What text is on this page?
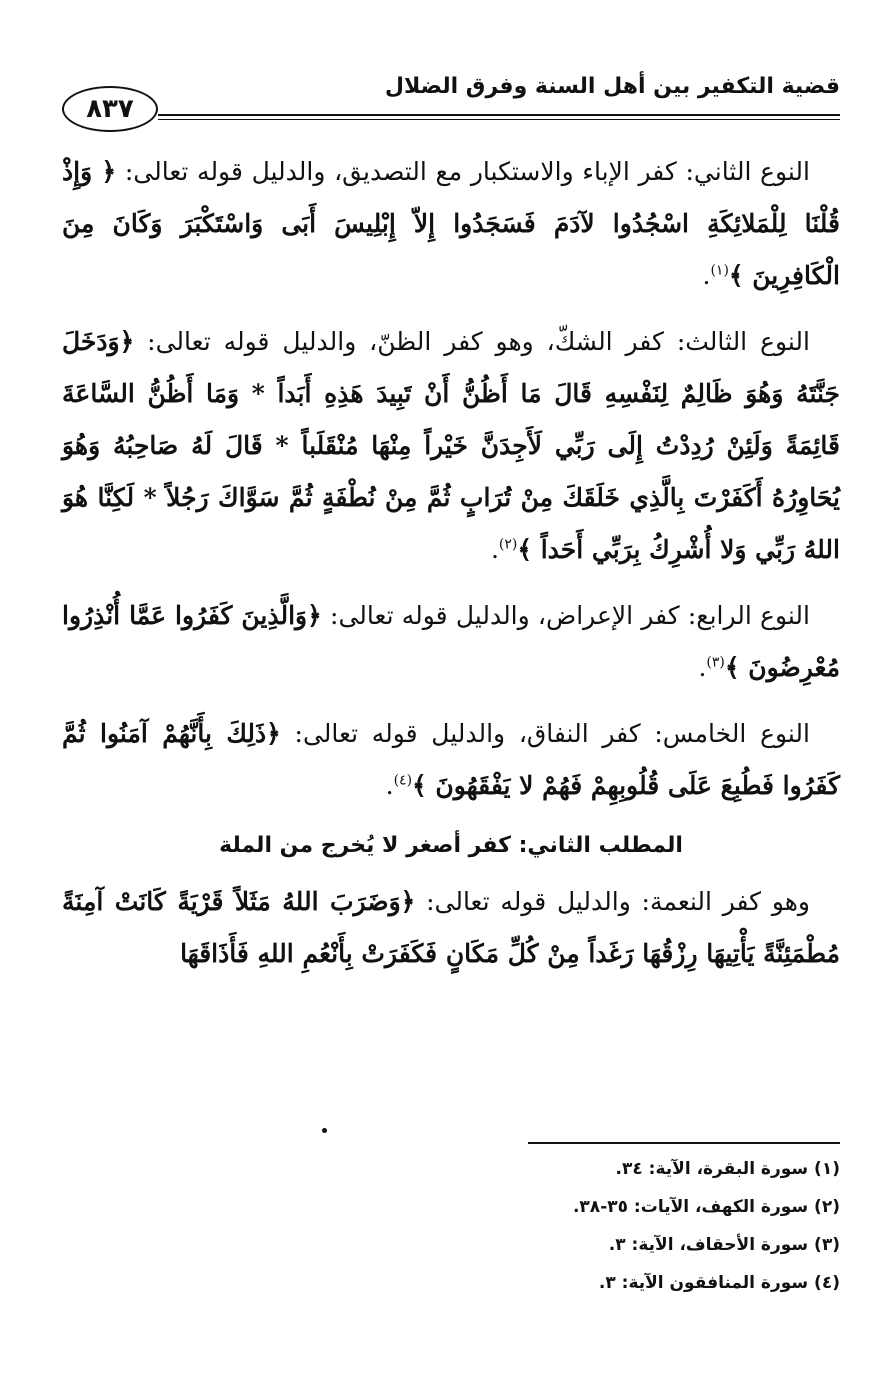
قضية التكفير بين أهل السنة وفرق الضلال
٨٣٧

النوع الثاني: كفر الإباء والاستكبار مع التصديق، والدليل قوله تعالى: ﴿ وَإِذْ قُلْنَا لِلْمَلائِكَةِ اسْجُدُوا لآدَمَ فَسَجَدُوا إِلاّ إِبْلِيسَ أَبَى وَاسْتَكْبَرَ وَكَانَ مِنَ الْكَافِرِينَ ﴾$^{(١)}$.

النوع الثالث: كفر الشكّ، وهو كفر الظنّ، والدليل قوله تعالى: ﴿وَدَخَلَ جَنَّتَهُ وَهُوَ ظَالِمٌ لِنَفْسِهِ قَالَ مَا أَظُنُّ أَنْ تَبِيدَ هَذِهِ أَبَداً * وَمَا أَظُنُّ السَّاعَةَ قَائِمَةً وَلَئِنْ رُدِدْتُ إِلَى رَبِّي لَأَجِدَنَّ خَيْراً مِنْهَا مُنْقَلَباً * قَالَ لَهُ صَاحِبُهُ وَهُوَ يُحَاوِرُهُ أَكَفَرْتَ بِالَّذِي خَلَقَكَ مِنْ تُرَابٍ ثُمَّ مِنْ نُطْفَةٍ ثُمَّ سَوَّاكَ رَجُلاً * لَكِنَّا هُوَ اللهُ رَبِّي وَلا أُشْرِكُ بِرَبِّي أَحَداً ﴾$^{(٢)}$.

النوع الرابع: كفر الإعراض، والدليل قوله تعالى: ﴿وَالَّذِينَ كَفَرُوا عَمَّا أُنْذِرُوا مُعْرِضُونَ ﴾$^{(٣)}$.

النوع الخامس: كفر النفاق، والدليل قوله تعالى: ﴿ذَلِكَ بِأَنَّهُمْ آمَنُوا ثُمَّ كَفَرُوا فَطُبِعَ عَلَى قُلُوبِهِمْ فَهُمْ لا يَفْقَهُونَ ﴾$^{(٤)}$.

المطلب الثاني: كفر أصغر لا يُخرج من الملة

وهو كفر النعمة: والدليل قوله تعالى: ﴿وَضَرَبَ اللهُ مَثَلاً قَرْيَةً كَانَتْ آمِنَةً مُطْمَئِنَّةً يَأْتِيهَا رِزْقُهَا رَغَداً مِنْ كُلِّ مَكَانٍ فَكَفَرَتْ بِأَنْعُمِ اللهِ فَأَذَاقَهَا

(١) سورة البقرة، الآية: ٣٤.
(٢) سورة الكهف، الآيات: ٣٥-٣٨.
(٣) سورة الأحقاف، الآية: ٣.
(٤) سورة المنافقون الآية: ٣.
